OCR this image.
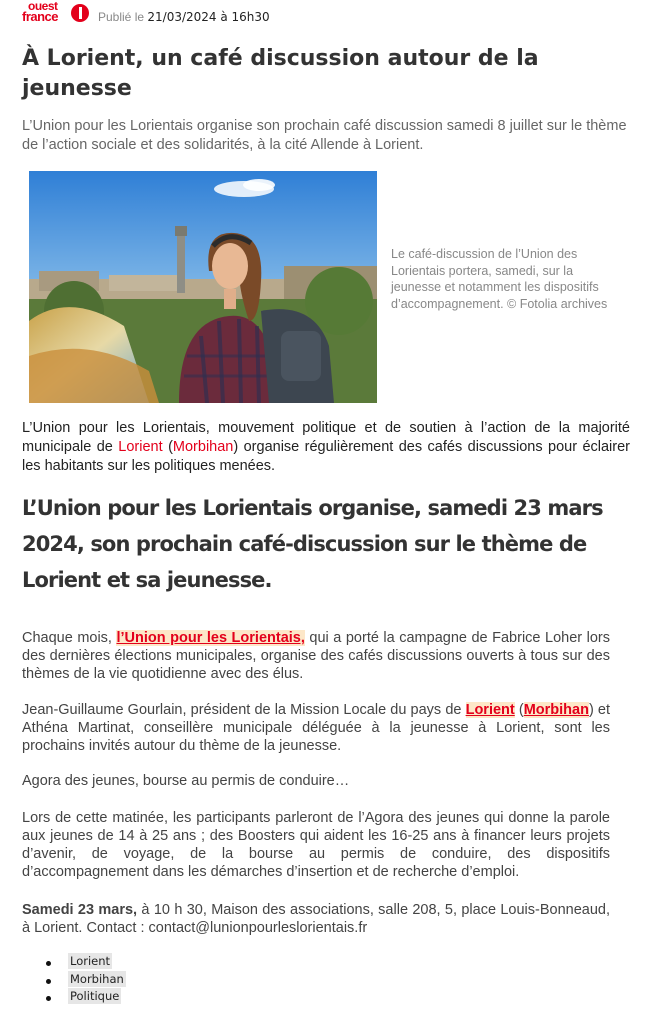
ouest
france	Publié le 21/03/2024 à 16h30
À Lorient, un café discussion autour de la jeunesse

L’Union pour les Lorientais organise son prochain café discussion samedi 8 juillet sur le thème de l’action sociale et des solidarités, à la cité Allende à Lorient.

Le café-discussion de l’Union des Lorientais portera, samedi, sur la jeunesse et notamment les dispositifs d’accompagnement. © Fotolia archives

L’Union pour les Lorientais, mouvement politique et de soutien à l’action de la majorité municipale de Lorient (Morbihan) organise régulièrement des cafés discussions pour éclairer les habitants sur les politiques menées.

L’Union pour les Lorientais organise, samedi 23 mars 2024, son prochain café-discussion sur le thème de Lorient et sa jeunesse.

Chaque mois, l’Union pour les Lorientais, qui a porté la campagne de Fabrice Loher lors des dernières élections municipales, organise des cafés discussions ouverts à tous sur des thèmes de la vie quotidienne avec des élus.

Jean-Guillaume Gourlain, président de la Mission Locale du pays de Lorient (Morbihan) et Athéna Martinat, conseillère municipale déléguée à la jeunesse à Lorient, sont les prochains invités autour du thème de la jeunesse.

Agora des jeunes, bourse au permis de conduire…

Lors de cette matinée, les participants parleront de l’Agora des jeunes qui donne la parole aux jeunes de 14 à 25 ans ; des Boosters qui aident les 16-25 ans à financer leurs projets d’avenir, de voyage, de la bourse au permis de conduire, des dispositifs d’accompagnement dans les démarches d’insertion et de recherche d’emploi.

Samedi 23 mars, à 10 h 30, Maison des associations, salle 208, 5, place Louis-Bonneaud, à Lorient. Contact : contact@lunionpourleslorientais.fr

Lorient
Morbihan
Politique
